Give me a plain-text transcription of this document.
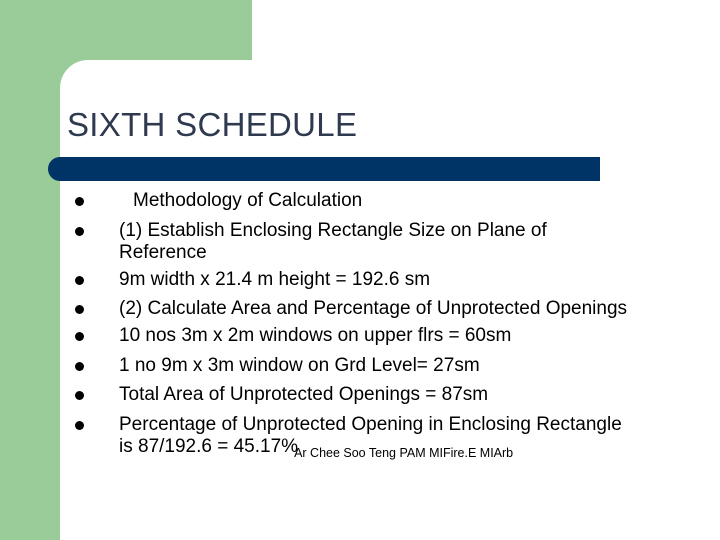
SIXTH SCHEDULE
Methodology of Calculation
(1) Establish Enclosing Rectangle Size on Plane of Reference
9m width x 21.4 m height = 192.6 sm
(2) Calculate Area and Percentage of Unprotected Openings
10 nos 3m x 2m windows on upper flrs = 60sm
1 no 9m x 3m window on Grd Level= 27sm
Total Area of Unprotected Openings = 87sm
Percentage of Unprotected Opening in Enclosing Rectangle is $87/192.6 = 45.17\%_{Ar Chee Soo Teng PAM MIFire.E MIArb}$
